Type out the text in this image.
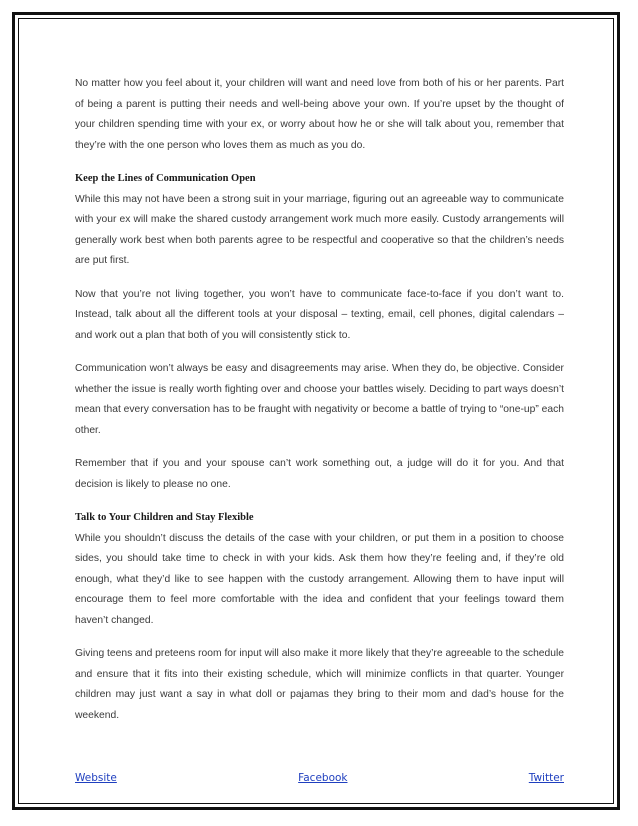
No matter how you feel about it, your children will want and need love from both of his or her parents. Part of being a parent is putting their needs and well-being above your own. If you’re upset by the thought of your children spending time with your ex, or worry about how he or she will talk about you, remember that they’re with the one person who loves them as much as you do.

Keep the Lines of Communication Open

While this may not have been a strong suit in your marriage, figuring out an agreeable way to communicate with your ex will make the shared custody arrangement work much more easily. Custody arrangements will generally work best when both parents agree to be respectful and cooperative so that the children’s needs are put first.

Now that you’re not living together, you won’t have to communicate face-to-face if you don’t want to. Instead, talk about all the different tools at your disposal – texting, email, cell phones, digital calendars – and work out a plan that both of you will consistently stick to.

Communication won’t always be easy and disagreements may arise. When they do, be objective. Consider whether the issue is really worth fighting over and choose your battles wisely. Deciding to part ways doesn’t mean that every conversation has to be fraught with negativity or become a battle of trying to “one-up” each other.

Remember that if you and your spouse can’t work something out, a judge will do it for you. And that decision is likely to please no one.

Talk to Your Children and Stay Flexible

While you shouldn’t discuss the details of the case with your children, or put them in a position to choose sides, you should take time to check in with your kids. Ask them how they’re feeling and, if they’re old enough, what they’d like to see happen with the custody arrangement. Allowing them to have input will encourage them to feel more comfortable with the idea and confident that your feelings toward them haven’t changed.

Giving teens and preteens room for input will also make it more likely that they’re agreeable to the schedule and ensure that it fits into their existing schedule, which will minimize conflicts in that quarter. Younger children may just want a say in what doll or pajamas they bring to their mom and dad’s house for the weekend.

Website	Facebook	Twitter
